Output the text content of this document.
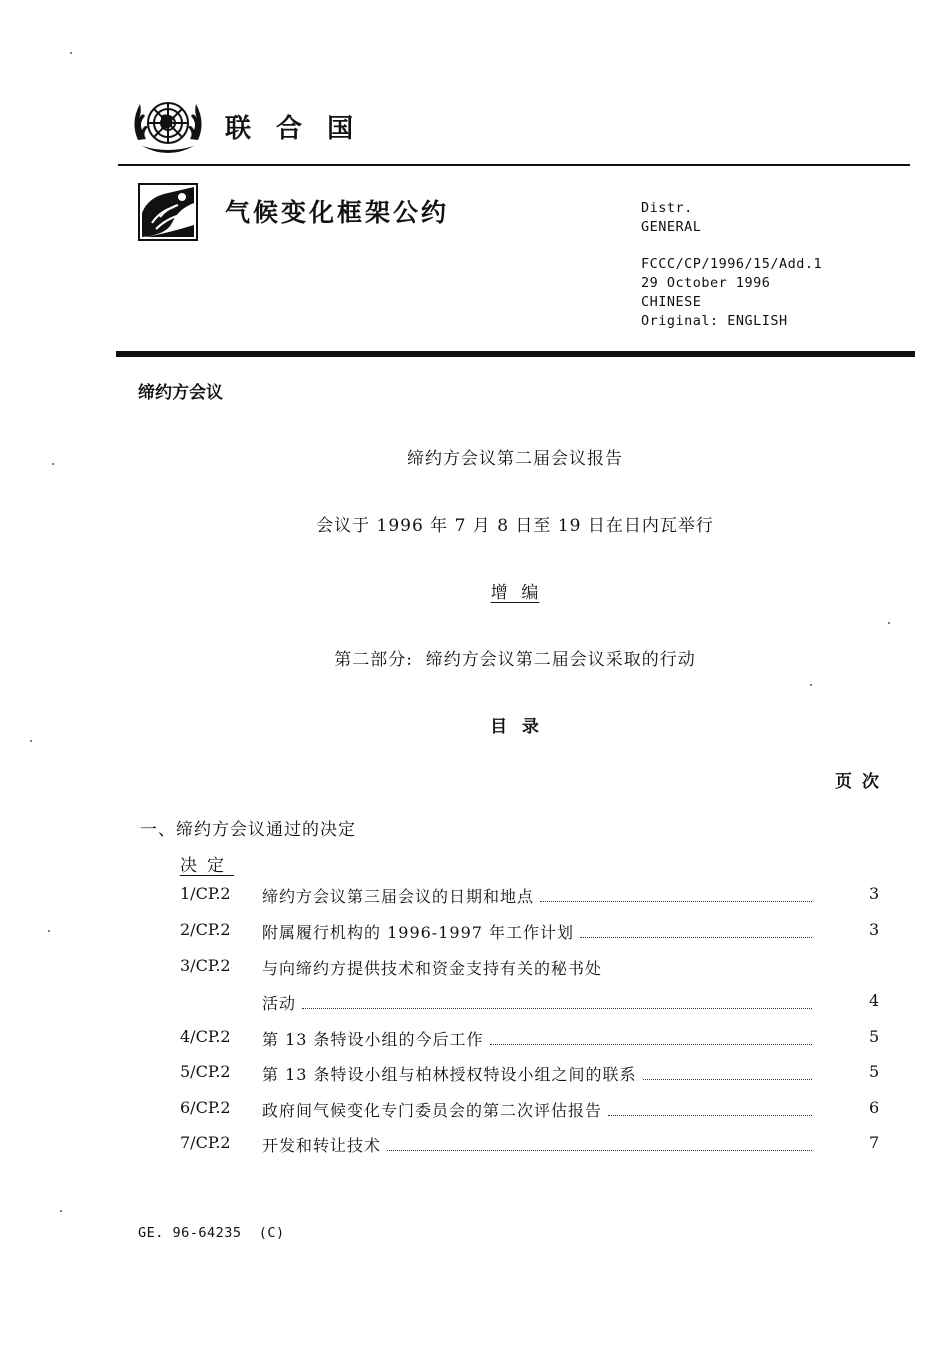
联 合 国
气候变化框架公约	Distr.
GENERAL
FCCC/CP/1996/15/Add.1
29 October 1996
CHINESE
Original: ENGLISH
缔约方会议
缔约方会议第二届会议报告
会议于 1996 年 7 月 8 日至 19 日在日内瓦举行
增  编
第二部分:  缔约方会议第二届会议采取的行动
目  录
页次
一、缔约方会议通过的决定
决定
1/CP.2 缔约方会议第三届会议的日期和地点	3
2/CP.2 附属履行机构的 1996-1997 年工作计划	3
3/CP.2 与向缔约方提供技术和资金支持有关的秘书处
活动	4
4/CP.2 第 13 条特设小组的今后工作	5
5/CP.2 第 13 条特设小组与柏林授权特设小组之间的联系	5
6/CP.2 政府间气候变化专门委员会的第二次评估报告	6
7/CP.2 开发和转让技术	7
GE. 96-64235  (C)
